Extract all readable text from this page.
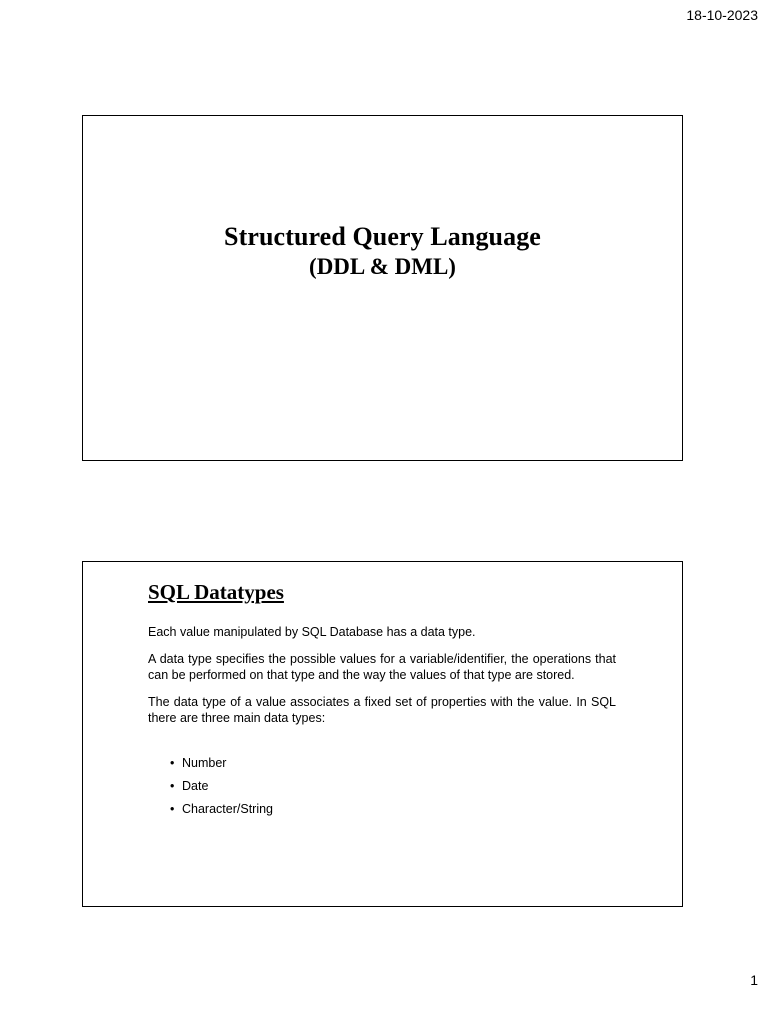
18-10-2023
Structured Query Language
(DDL & DML)
SQL Datatypes

Each value manipulated by SQL Database has a data type.

A data type specifies the possible values for a variable/identifier, the operations that can be performed on that type and the way the values of that type are stored.

The data type of a value associates a fixed set of properties with the value. In SQL there are three main data types:

• Number
• Date
• Character/String
1
